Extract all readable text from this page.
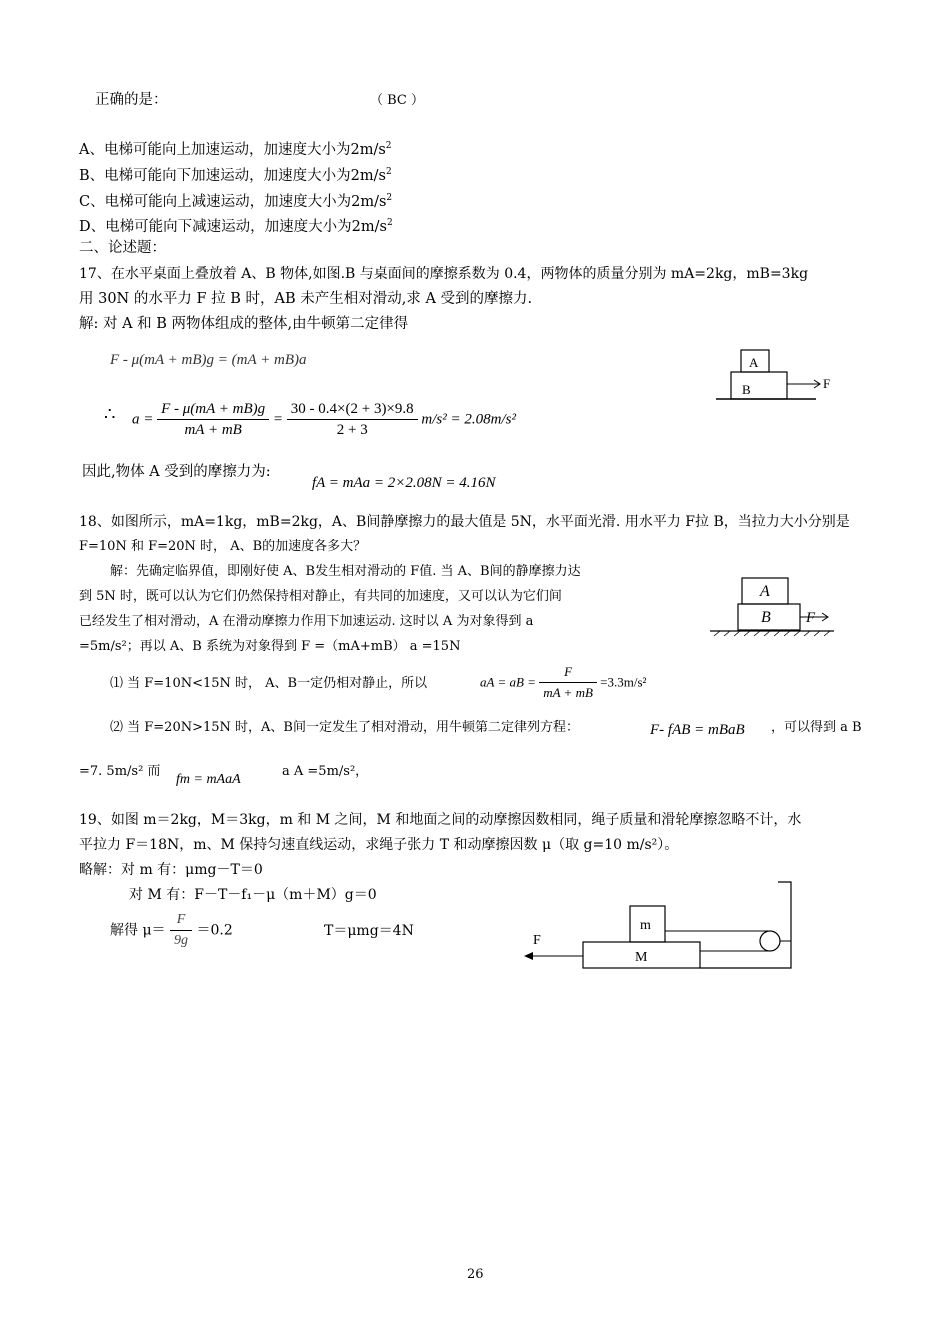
正确的是：	（ BC ）
A、电梯可能向上加速运动，加速度大小为$2m/s^2$
B、电梯可能向下加速运动，加速度大小为$2m/s^2$
C、电梯可能向上减速运动，加速度大小为$2m/s^2$
D、电梯可能向下减速运动，加速度大小为$2m/s^2$
二、论述题：
17、在水平桌面上叠放着 A、B 物体,如图.B 与桌面间的摩擦系数为 0.4，两物体的质量分别为 mA=2kg，mB=3kg
用 30N 的水平力 F 拉 B 时，AB 未产生相对滑动,求 A 受到的摩擦力.
解: 对 A 和 B 两物体组成的整体,由牛顿第二定律得
F - μ(mA + mB)g = (mA + mB)a
∴ $a = \frac{F - \mu(mA + mB)g}{mA + mB} = \frac{30 - 0.4\times(2 + 3)\times 9.8}{2 + 3} m/s^2 = 2.08m/s^2$
因此,物体 A 受到的摩擦力为:
fA = mAa = 2×2.08N = 4.16N
A
B	F
18、如图所示，mA=1kg，mB=2kg，A、B间静摩擦力的最大值是 5N，水平面光滑. 用水平力 F拉 B，当拉力大小分别是
F=10N 和 F=20N 时， A、B的加速度各多大？
解：先确定临界值，即刚好使 A、B发生相对滑动的 F值. 当 A、B间的静摩擦力达
到 5N 时，既可以认为它们仍然保持相对静止，有共同的加速度，又可以认为它们间
已经发生了相对滑动，A 在滑动摩擦力作用下加速运动. 这时以 A 为对象得到 a
=5m/s²；再以 A、B 系统为对象得到 F =（mA+mB） a =15N
⑴ 当 F=10N<15N 时， A、B一定仍相对静止，所以	aA = aB = $\frac{F}{mA + mB} =3.3m/s^2$
⑵ 当 F=20N>15N 时，A、B间一定发生了相对滑动，用牛顿第二定律列方程：	F- fAB = mBaB ，可以得到 a B
=7. 5m/s² 而
fm = mAaA
a A =5m/s²，
A
B F
19、如图 m＝2kg，M＝3kg，m 和 M 之间，M 和地面之间的动摩擦因数相同，绳子质量和滑轮摩擦忽略不计，水
平拉力 F＝18N，m、M 保持匀速直线运动，求绳子张力 T 和动摩擦因数 μ（取 g=10 m/s²）。
略解：对 m 有：μmg－T＝0
对 M 有：F－T－f₁－μ（m＋M）g＝0
解得 $\mu= \frac{F}{9g} =0.2$	T＝μmg＝4N
F
m
M
26
